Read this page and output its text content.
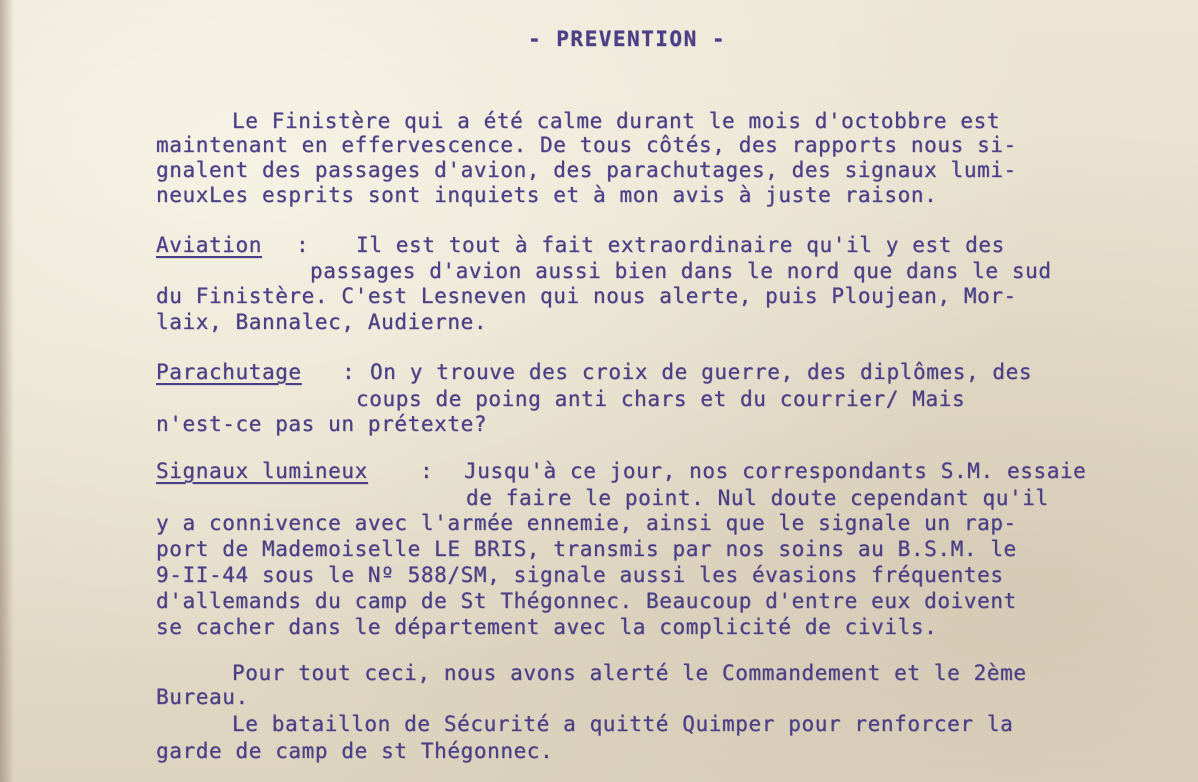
- PREVENTION -
Le Finistère qui a été calme durant le mois d'octobbre est
maintenant en effervescence. De tous côtés, des rapports nous si-
gnalent des passages d'avion, des parachutages, des signaux lumi-
neuxLes esprits sont inquiets et à mon avis à juste raison.
Aviation : Il est tout à fait extraordinaire qu'il y est des
passages d'avion aussi bien dans le nord que dans le sud
du Finistère. C'est Lesneven qui nous alerte, puis Ploujean, Mor-
laix, Bannalec, Audierne.
Parachutage : On y trouve des croix de guerre, des diplômes, des
coups de poing anti chars et du courrier/ Mais
n'est-ce pas un prétexte?
Signaux lumineux : Jusqu'à ce jour, nos correspondants S.M. essaie
de faire le point. Nul doute cependant qu'il
y a connivence avec l'armée ennemie, ainsi que le signale un rap-
port de Mademoiselle LE BRIS, transmis par nos soins au B.S.M. le
9-II-44 sous le Nº 588/SM, signale aussi les évasions fréquentes
d'allemands du camp de St Thégonnec. Beaucoup d'entre eux doivent
se cacher dans le département avec la complicité de civils.
Pour tout ceci, nous avons alerté le Commandement et le 2ème
Bureau.
Le bataillon de Sécurité a quitté Quimper pour renforcer la
garde de camp de st Thégonnec.
